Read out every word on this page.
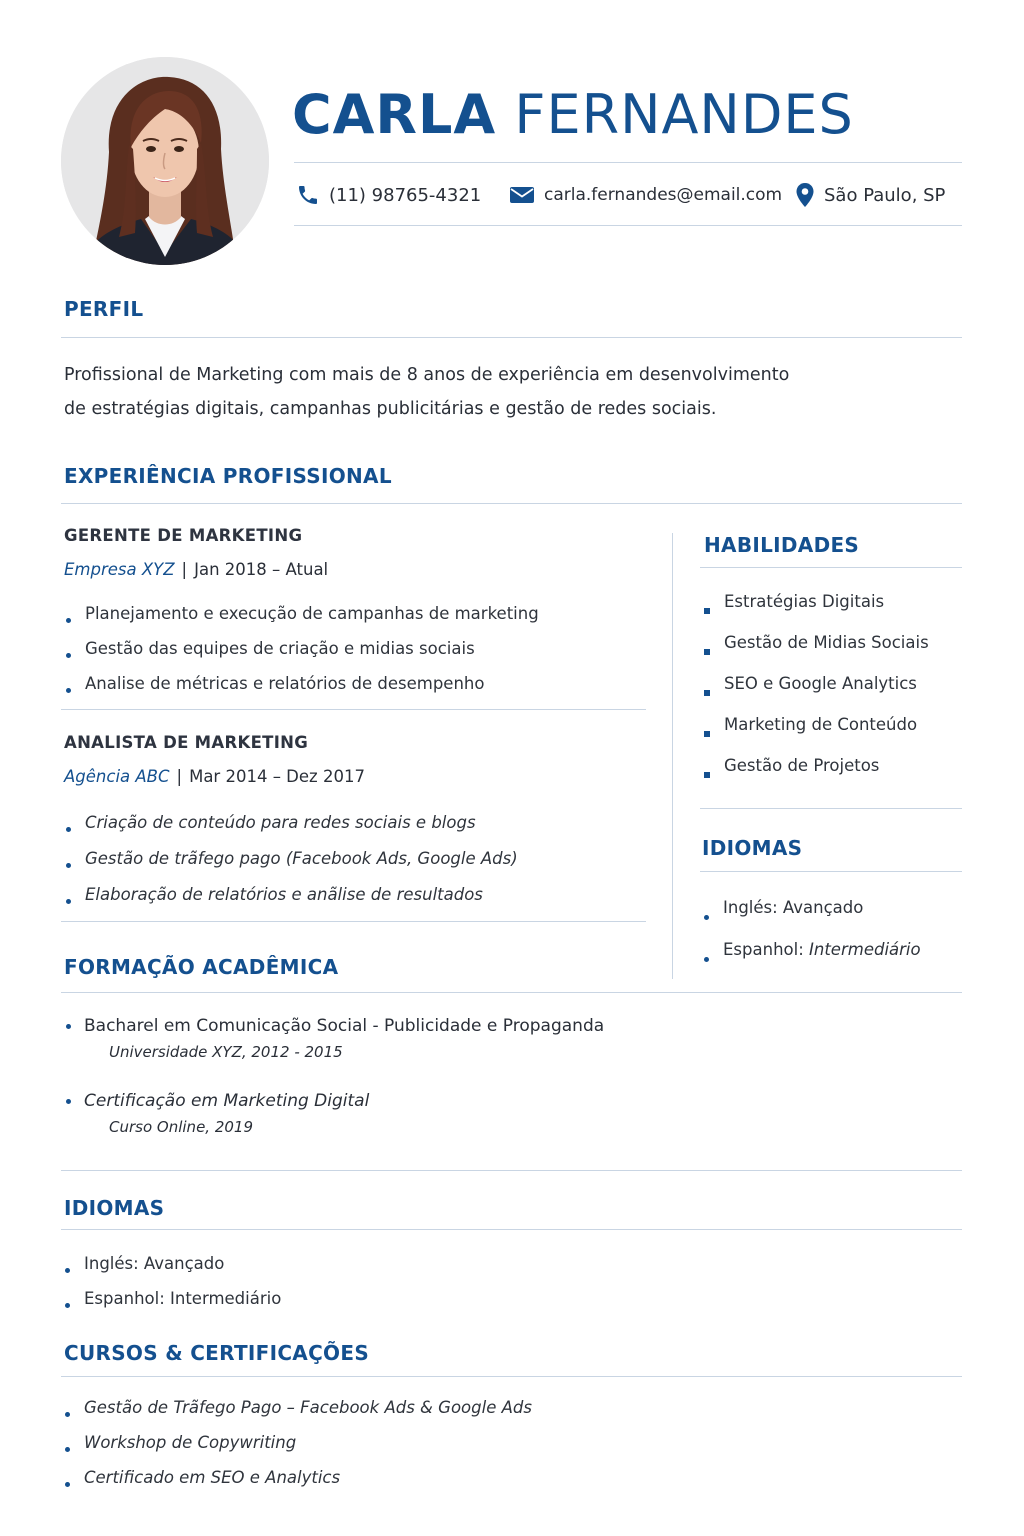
CARLA FERNANDES
(11) 98765-4321	carla.fernandes@email.com São Paulo, SP
PERFIL
Profissional de Marketing com mais de 8 anos de experiência em desenvolvimento
de estratégias digitais, campanhas publicitárias e gestão de redes sociais.
EXPERIÊNCIA PROFISSIONAL
GERENTE DE MARKETING
Empresa XYZ | Jan 2018 – Atual
Planejamento e execução de campanhas de marketing
Gestão das equipes de criação e midias sociais
Analise de métricas e relatórios de desempenho
ANALISTA DE MARKETING
Agência ABC | Mar 2014 – Dez 2017
Criação de conteúdo para redes sociais e blogs
Gestão de trãfego pago (Facebook Ads, Google Ads)
Elaboração de relatórios e anãlise de resultados
HABILIDADES
Estratégias Digitais
Gestão de Midias Sociais
SEO e Google Analytics
Marketing de Conteúdo
Gestão de Projetos
IDIOMAS
Inglés: Avançado
Espanhol: Intermediário
FORMAÇÃO ACADÊMICA
Bacharel em Comunicação Social - Publicidade e Propaganda
Universidade XYZ, 2012 - 2015
Certificação em Marketing Digital
Curso Online, 2019
IDIOMAS
Inglés: Avançado
Espanhol: Intermediário
CURSOS & CERTIFICAÇÕES
Gestão de Trãfego Pago – Facebook Ads & Google Ads
Workshop de Copywriting
Certificado em SEO e Analytics
